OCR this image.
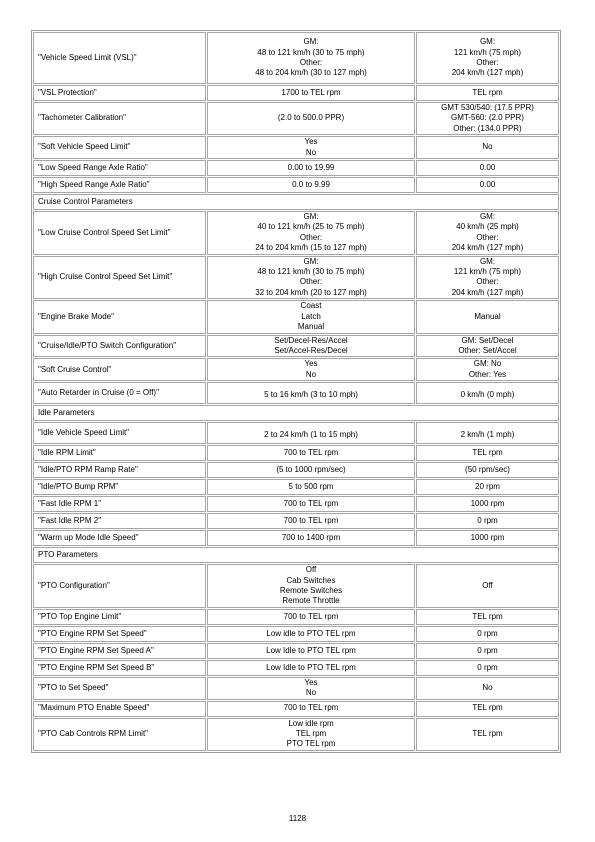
"Vehicle Speed Limit (VSL)"	GM:
48 to 121 km/h (30 to 75 mph)
Other:
48 to 204 km/h (30 to 127 mph)	GM:
121 km/h (75 mph)
Other:
204 km/h (127 mph)

"VSL Protection"	1700 to TEL rpm	TEL rpm

"Tachometer Calibration"	(2.0 to 500.0 PPR)	GMT 530/540: (17.5 PPR)
GMT-560: (2.0 PPR)
Other: (134.0 PPR)

"Soft Vehicle Speed Limit"	Yes
No	No

"Low Speed Range Axle Ratio"	0.00 to 19.99	0.00

"High Speed Range Axle Ratio"	0.0 to 9.99	0.00

Cruise Control Parameters		
"Low Cruise Control Speed Set Limit"	GM:
40 to 121 km/h (25 to 75 mph)
Other:
24 to 204 km/h (15 to 127 mph)	GM:
40 km/h (25 mph)
Other:
204 km/h (127 mph)

"High Cruise Control Speed Set Limit"	GM:
48 to 121 km/h (30 to 75 mph)
Other:
32 to 204 km/h (20 to 127 mph)	GM:
121 km/h (75 mph)
Other:
204 km/h (127 mph)

"Engine Brake Mode"	Coast
Latch
Manual	Manual

"Cruise/Idle/PTO Switch Configuration"	Set/Decel-Res/Accel
Set/Accel-Res/Decel	GM: Set/Decel
Other: Set/Accel

"Soft Cruise Control"	Yes
No	GM: No
Other: Yes

"Auto Retarder in Cruise (0 = Off)"	5 to 16 km/h (3 to 10 mph)	0 km/h (0 mph)

Idle Parameters		
"Idle Vehicle Speed Limit"	2 to 24 km/h (1 to 15 mph)	2 km/h (1 mph)

"Idle RPM Limit"	700 to TEL rpm	TEL rpm

"Idle/PTO RPM Ramp Rate"	(5 to 1000 rpm/sec)	(50 rpm/sec)

"Idle/PTO Bump RPM"	5 to 500 rpm	20 rpm

"Fast Idle RPM 1"	700 to TEL rpm	1000 rpm

"Fast Idle RPM 2"	700 to TEL rpm	0 rpm

"Warm up Mode Idle Speed"	700 to 1400 rpm	1000 rpm

PTO Parameters		
"PTO Configuration"	Off
Cab Switches
Remote Switches
Remote Throttle	Off

"PTO Top Engine Limit"	700 to TEL rpm	TEL rpm

"PTO Engine RPM Set Speed"	Low idle to PTO TEL rpm	0 rpm

"PTO Engine RPM Set Speed A"	Low Idle to PTO TEL rpm	0 rpm

"PTO Engine RPM Set Speed B"	Low Idle to PTO TEL rpm	0 rpm

"PTO to Set Speed"	Yes
No	No

"Maximum PTO Enable Speed"	700 to TEL rpm	TEL rpm

"PTO Cab Controls RPM Limit"	Low idle rpm
TEL rpm
PTO TEL rpm	TEL rpm
1128
